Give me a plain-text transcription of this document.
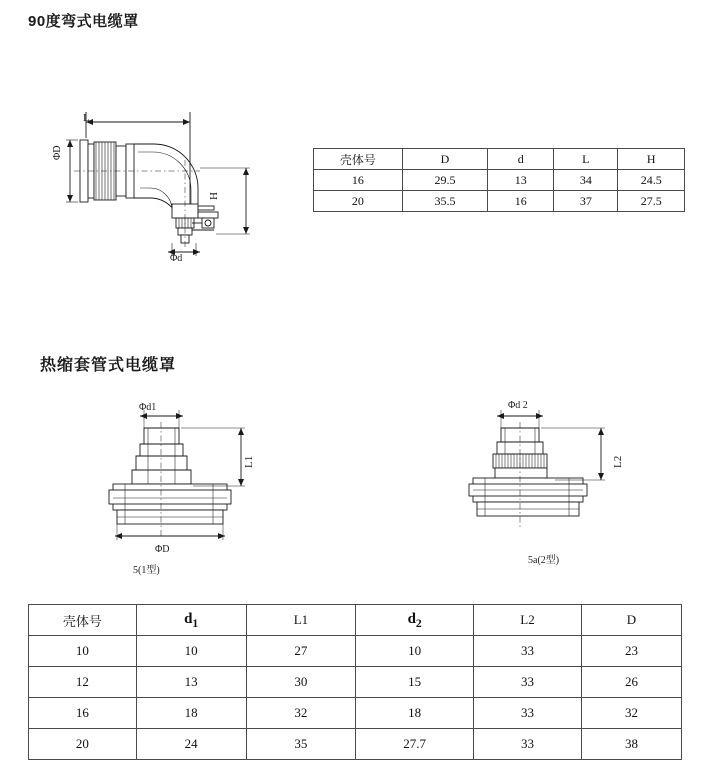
90度弯式电缆罩
L
ΦD
H
Φd
壳体号	D	d	L	H
16	29.5	13	34	24.5
20	35.5	16	37	27.5
热缩套管式电缆罩
Φd1
L1
ΦD
5(1型)
Φd 2
L2
5a(2型)
壳体号	$d_1$	L1	$d_2$	L2	D
10	10	27	10	33	23
12	13	30	15	33	26
16	18	32	18	33	32
20	24	35	27.7	33	38
